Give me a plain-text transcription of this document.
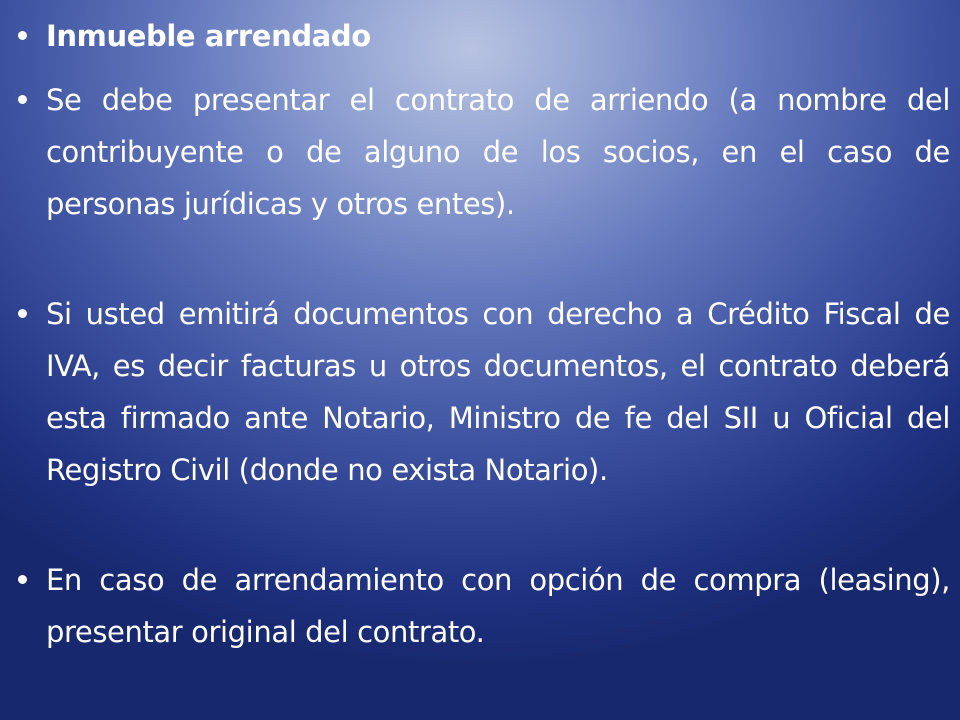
Inmueble arrendado
Se debe presentar el contrato de arriendo (a nombre del contribuyente o de alguno de los socios, en el caso de personas jurídicas y otros entes).
Si usted emitirá documentos con derecho a Crédito Fiscal de IVA, es decir facturas u otros documentos, el contrato deberá esta firmado ante Notario, Ministro de fe del SII u Oficial del Registro Civil (donde no exista Notario).
En caso de arrendamiento con opción de compra (leasing), presentar original del contrato.
